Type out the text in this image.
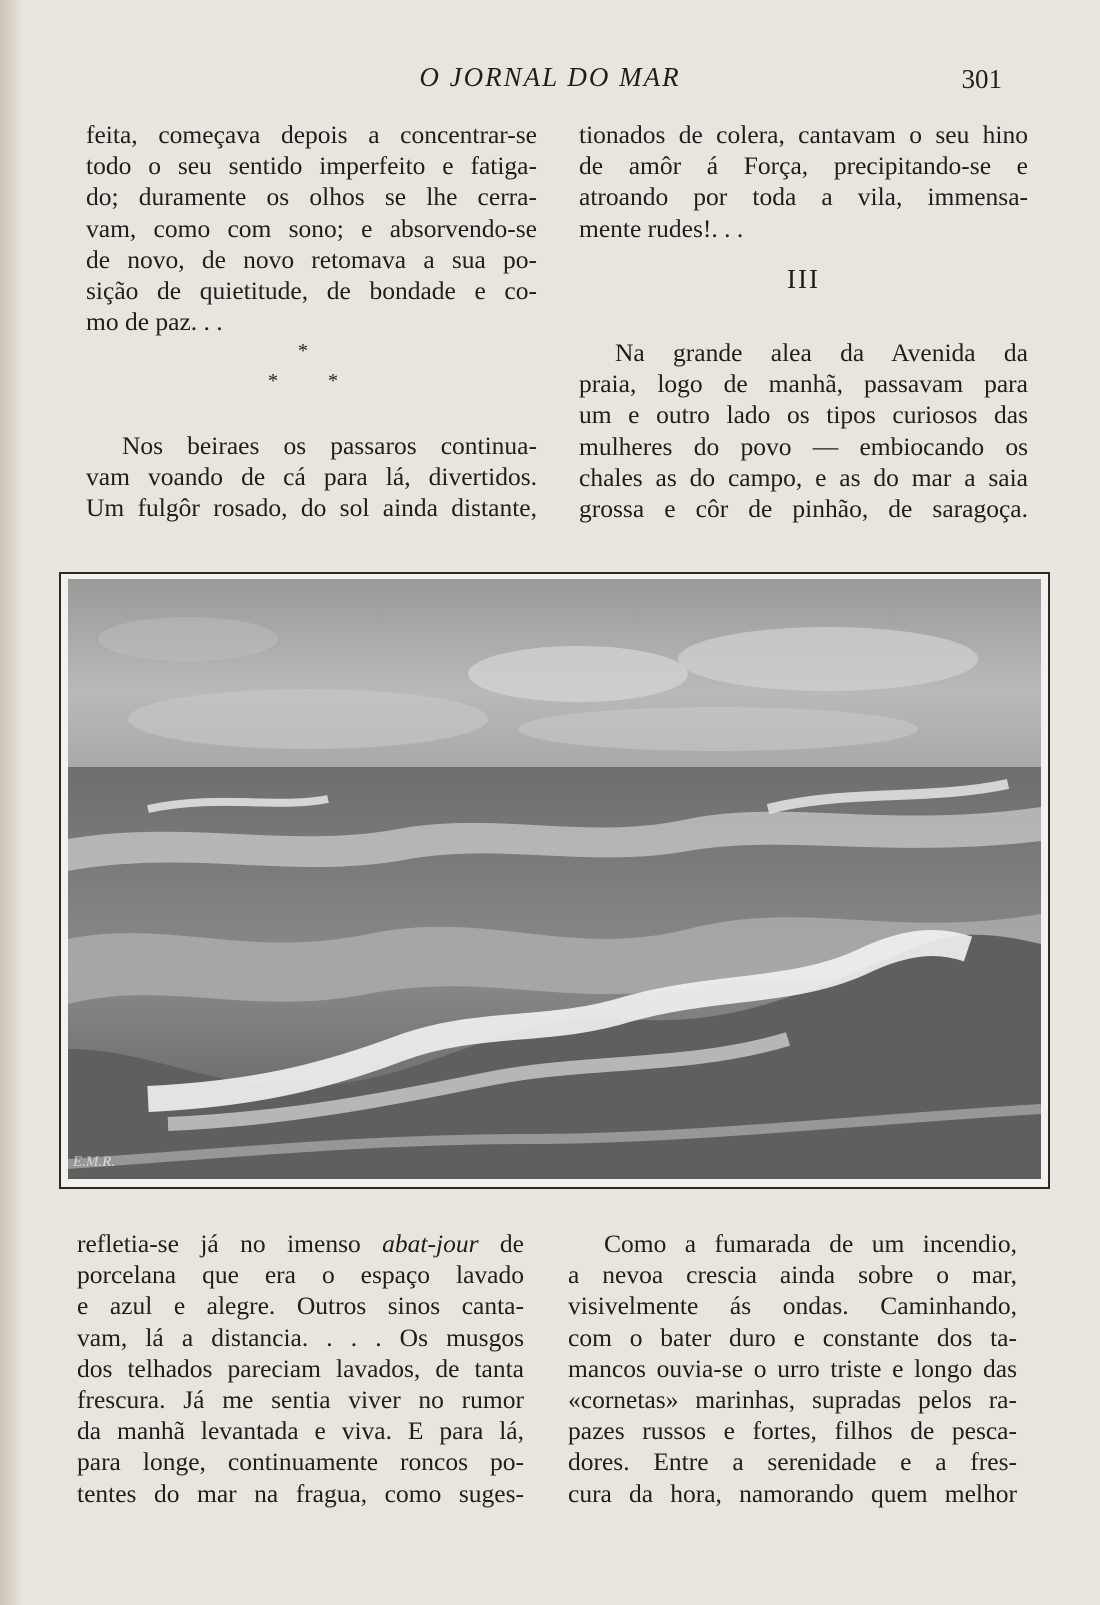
O JORNAL DO MAR	301
feita, começava depois a concentrar-se
todo o seu sentido imperfeito e fatiga-
do; duramente os olhos se lhe cerra-
vam, como com sono; e absorvendo-se
de novo, de novo retomava a sua po-
sição de quietitude, de bondade e co-
mo de paz. . .
*
*	*
Nos beiraes os passaros continua-
vam voando de cá para lá, divertidos.
Um fulgôr rosado, do sol ainda distante,
tionados de colera, cantavam o seu hino
de amôr á Força, precipitando-se e
atroando por toda a vila, immensa-
mente rudes!. . .
III
Na grande alea da Avenida da
praia, logo de manhã, passavam para
um e outro lado os tipos curiosos das
mulheres do povo — embiocando os
chales as do campo, e as do mar a saia
grossa e côr de pinhão, de saragoça.
E.M.R.
refletia-se já no imenso abat-jour de
porcelana que era o espaço lavado
e azul e alegre. Outros sinos canta-
vam, lá a distancia. . . . Os musgos
dos telhados pareciam lavados, de tanta
frescura. Já me sentia viver no rumor
da manhã levantada e viva. E para lá,
para longe, continuamente roncos po-
tentes do mar na fragua, como suges-
Como a fumarada de um incendio,
a nevoa crescia ainda sobre o mar,
visivelmente ás ondas. Caminhando,
com o bater duro e constante dos ta-
mancos ouvia-se o urro triste e longo das
«cornetas» marinhas, supradas pelos ra-
pazes russos e fortes, filhos de pesca-
dores. Entre a serenidade e a fres-
cura da hora, namorando quem melhor
